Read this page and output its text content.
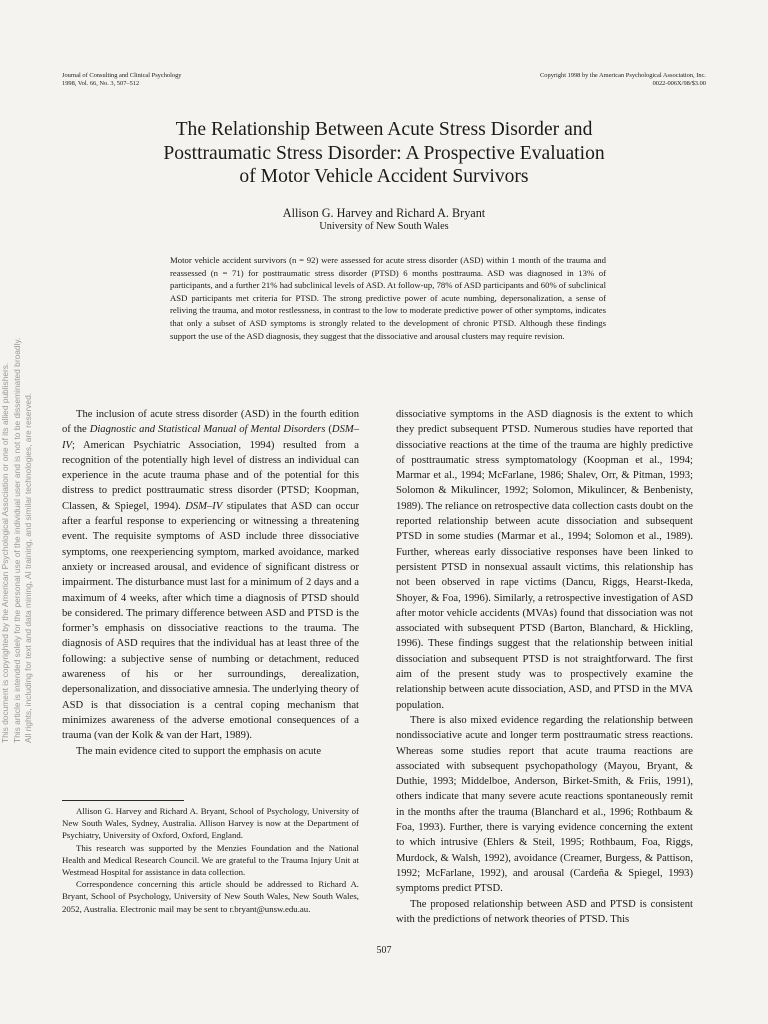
Journal of Consulting and Clinical Psychology
1998, Vol. 66, No. 3, 507–512
Copyright 1998 by the American Psychological Association, Inc.
0022-006X/98/$3.00
The Relationship Between Acute Stress Disorder and
Posttraumatic Stress Disorder: A Prospective Evaluation
of Motor Vehicle Accident Survivors
Allison G. Harvey and Richard A. Bryant
University of New South Wales
Motor vehicle accident survivors (n = 92) were assessed for acute stress disorder (ASD) within 1 month of the trauma and reassessed (n = 71) for posttraumatic stress disorder (PTSD) 6 months posttrauma. ASD was diagnosed in 13% of participants, and a further 21% had subclinical levels of ASD. At follow-up, 78% of ASD participants and 60% of subclinical ASD participants met criteria for PTSD. The strong predictive power of acute numbing, depersonalization, a sense of reliving the trauma, and motor restlessness, in contrast to the low to moderate predictive power of other symptoms, indicates that only a subset of ASD symptoms is strongly related to the development of chronic PTSD. Although these findings support the use of the ASD diagnosis, they suggest that the dissociative and arousal clusters may require revision.
This document is copyrighted by the American Psychological Association or one of its allied publishers. This article is intended solely for the personal use of the individual user and is not to be disseminated broadly. All rights, including for text and data mining, AI training, and similar technologies, are reserved.	The inclusion of acute stress disorder (ASD) in the fourth edition of the Diagnostic and Statistical Manual of Mental Disorders (DSM–IV; American Psychiatric Association, 1994) resulted from a recognition of the potentially high level of distress an individual can experience in the acute trauma phase and of the potential for this distress to predict posttraumatic stress disorder (PTSD; Koopman, Classen, & Spiegel, 1994). DSM–IV stipulates that ASD can occur after a fearful response to experiencing or witnessing a threatening event. The requisite symptoms of ASD include three dissociative symptoms, one reexperiencing symptom, marked avoidance, marked anxiety or increased arousal, and evidence of significant distress or impairment. The disturbance must last for a minimum of 2 days and a maximum of 4 weeks, after which time a diagnosis of PTSD should be considered. The primary difference between ASD and PTSD is the former’s emphasis on dissociative reactions to the trauma. The diagnosis of ASD requires that the individual has at least three of the following: a subjective sense of numbing or detachment, reduced awareness of his or her surroundings, derealization, depersonalization, and dissociative amnesia. The underlying theory of ASD is that dissociation is a central coping mechanism that minimizes awareness of the adverse emotional consequences of a trauma (van der Kolk & van der Hart, 1989).

The main evidence cited to support the emphasis on acute

Allison G. Harvey and Richard A. Bryant, School of Psychology, University of New South Wales, Sydney, Australia. Allison Harvey is now at the Department of Psychiatry, University of Oxford, Oxford, England.

This research was supported by the Menzies Foundation and the National Health and Medical Research Council. We are grateful to the Trauma Injury Unit at Westmead Hospital for assistance in data collection.

Correspondence concerning this article should be addressed to Richard A. Bryant, School of Psychology, University of New South Wales, New South Wales, 2052, Australia. Electronic mail may be sent to r.bryant@unsw.edu.au.

dissociative symptoms in the ASD diagnosis is the extent to which they predict subsequent PTSD. Numerous studies have reported that dissociative reactions at the time of the trauma are highly predictive of posttraumatic stress symptomatology (Koopman et al., 1994; Marmar et al., 1994; McFarlane, 1986; Shalev, Orr, & Pitman, 1993; Solomon & Mikulincer, 1992; Solomon, Mikulincer, & Benbenisty, 1989). The reliance on retrospective data collection casts doubt on the reported relationship between acute dissociation and subsequent PTSD in some studies (Marmar et al., 1994; Solomon et al., 1989). Further, whereas early dissociative responses have been linked to persistent PTSD in nonsexual assault victims, this relationship has not been observed in rape victims (Dancu, Riggs, Hearst-Ikeda, Shoyer, & Foa, 1996). Similarly, a retrospective investigation of ASD after motor vehicle accidents (MVAs) found that dissociation was not associated with subsequent PTSD (Barton, Blanchard, & Hickling, 1996). These findings suggest that the relationship between initial dissociation and subsequent PTSD is not straightforward. The first aim of the present study was to prospectively examine the relationship between acute dissociation, ASD, and PTSD in the MVA population.

There is also mixed evidence regarding the relationship between nondissociative acute and longer term posttraumatic stress reactions. Whereas some studies report that acute trauma reactions are associated with subsequent psychopathology (Mayou, Bryant, & Duthie, 1993; Middelboe, Anderson, Birket-Smith, & Friis, 1991), others indicate that many severe acute reactions spontaneously remit in the months after the trauma (Blanchard et al., 1996; Rothbaum & Foa, 1993). Further, there is varying evidence concerning the extent to which intrusive (Ehlers & Steil, 1995; Rothbaum, Foa, Riggs, Murdock, & Walsh, 1992), avoidance (Creamer, Burgess, & Pattison, 1992; McFarlane, 1992), and arousal (Cardeña & Spiegel, 1993) symptoms predict PTSD.

The proposed relationship between ASD and PTSD is consistent with the predictions of network theories of PTSD. This

507
